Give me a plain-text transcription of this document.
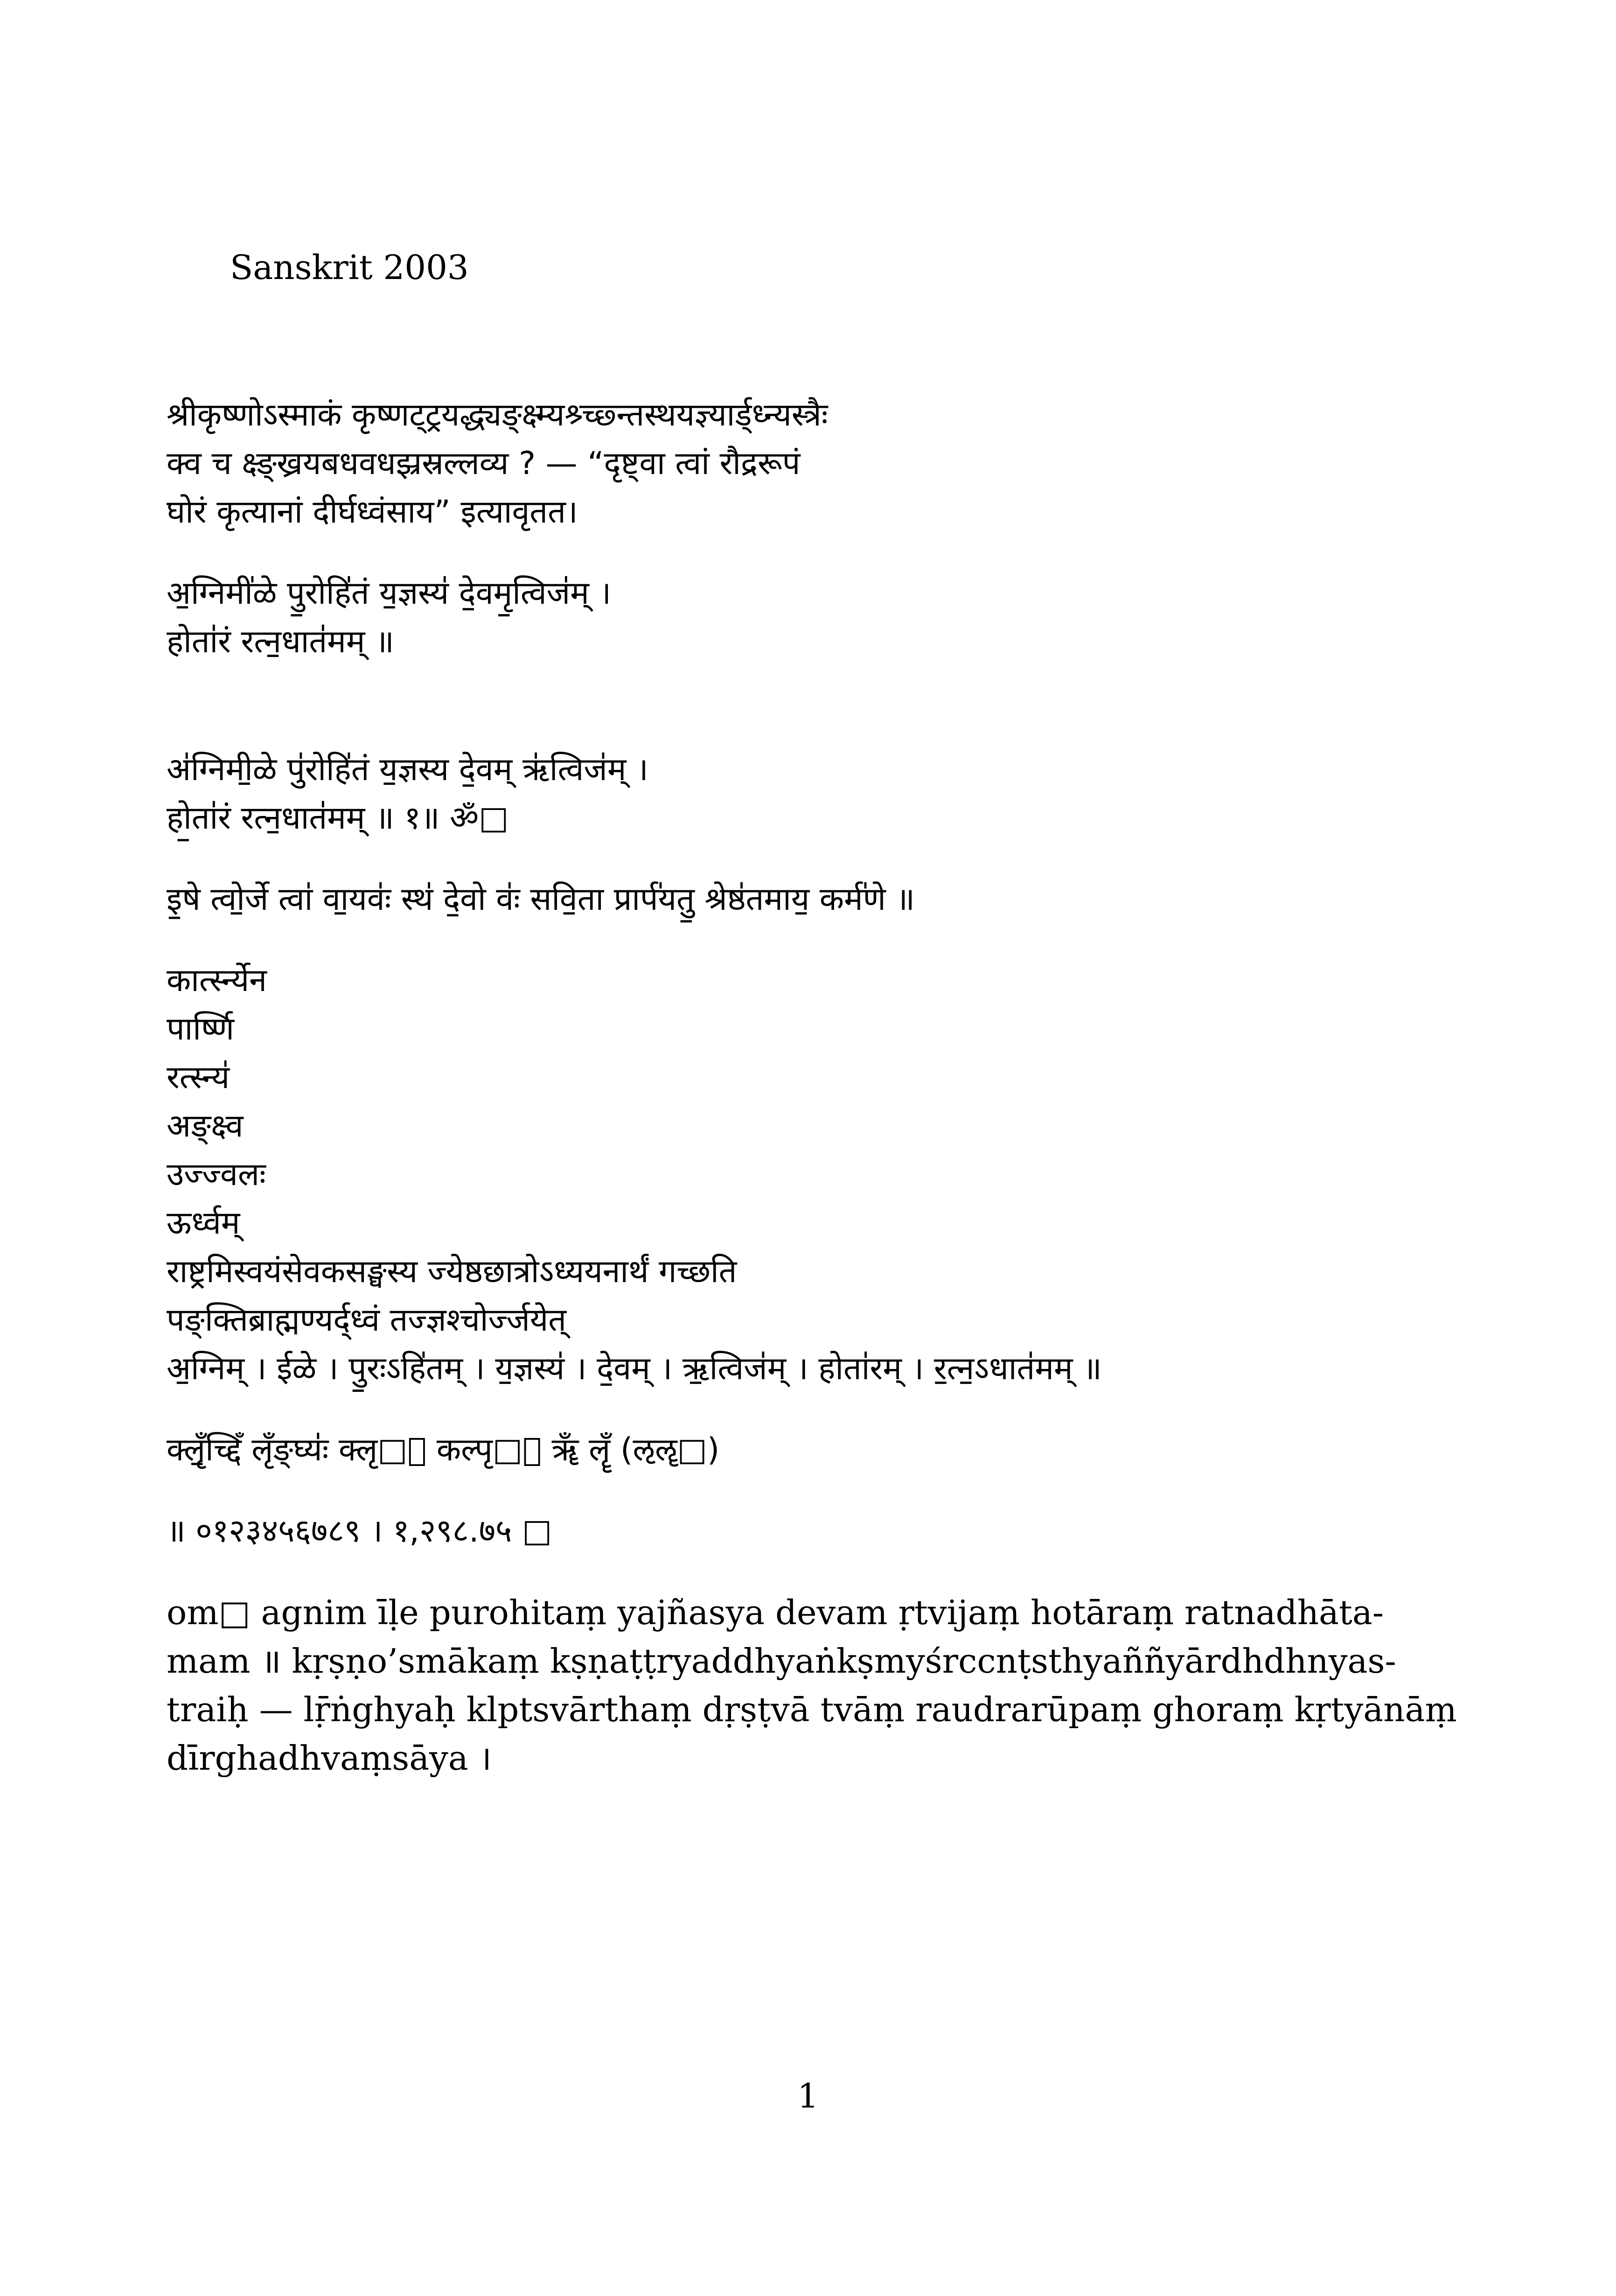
Sanskrit 2003
श्रीकृष्णोऽस्माकं कृष्णट्ट्रयद्ध्यङ्क्ष्म्यश्र्च्छ्न्तस्थयज्ञ्यार्ड्ध्न्यस्त्रैः
क्व च क्ष्ङ्ख्रयबधवधझ्रस्रल्लव्य ? — “दृष्ट्वा त्वां रौद्ररूपं
घोरं कृत्यानां दीर्घध्वंसाय” इत्यावृतत।
अ॒ग्निमी॑ळे पु॒रोहि॑तं य॒ज्ञस्य॑ दे॒वमृ॒त्विज॑म् ।
होता॑रं रत्न॒धात॑मम् ॥
अ॑ग्निमी॒ळे पु॑रोहि॑तं य॒ज्ञस्य दे॒वम् ऋ॑त्विज॑म् ।
हो॒ता॑रं रत्न॒धात॑मम् ॥ १॥ ॐ□
इ॒षे त्वो॒र्जे त्वा॑ वा॒यवः॑ स्थ॑ दे॒वो वः॑ सवि॒ता प्रार्प॑यतु॒ श्रेष्ठ॑तमाय॒ कर्म॑णे ॥
कार्त्स्न्येन
पार्ष्णि
रत्स्न्य॑
अङ्क्ष्व
उज्ज्वलः
ऊर्ध्वम्
राष्ट्रमिस्वयंसेवकसङ्घस्य ज्येष्ठछात्रोऽध्ययनार्थं गच्छति
पङ्क्तिब्राह्मण्यर्द्ध्वं तज्ज्ञश्चोर्ज्जयेत्
अ॒ग्निम् । ईळे । पु॒रःऽहि॑तम् । य॒ज्ञस्य॑ । दे॒वम् । ऋ॒त्विज॑म् । होता॑रम् । र॒त्न॒ऽधात॑मम् ॥
क्लृँ॒च्द्दिँ लृँङ्घ्यः॑ क्लृ□ँ कल्पृ□ः ॠँ लॄँ (ऌॡ□)
॥ ०१२३४५६७८९ । १,२९८.७५ □
om□ agnim īḷe purohitaṃ yajñasya devam ṛtvijaṃ hotāraṃ ratnadhāta-
mam ॥ kṛṣṇo’smākaṃ kṣṇaṭṭryaddhyaṅkṣmyśrccnṭsthyaññyārdhdhnyas-
traiḥ — lṝṅghyaḥ klptsvārthaṃ dṛṣṭvā tvāṃ raudrarūpaṃ ghoraṃ kṛtyānāṃ
dīrghadhvaṃsāya ।
1
